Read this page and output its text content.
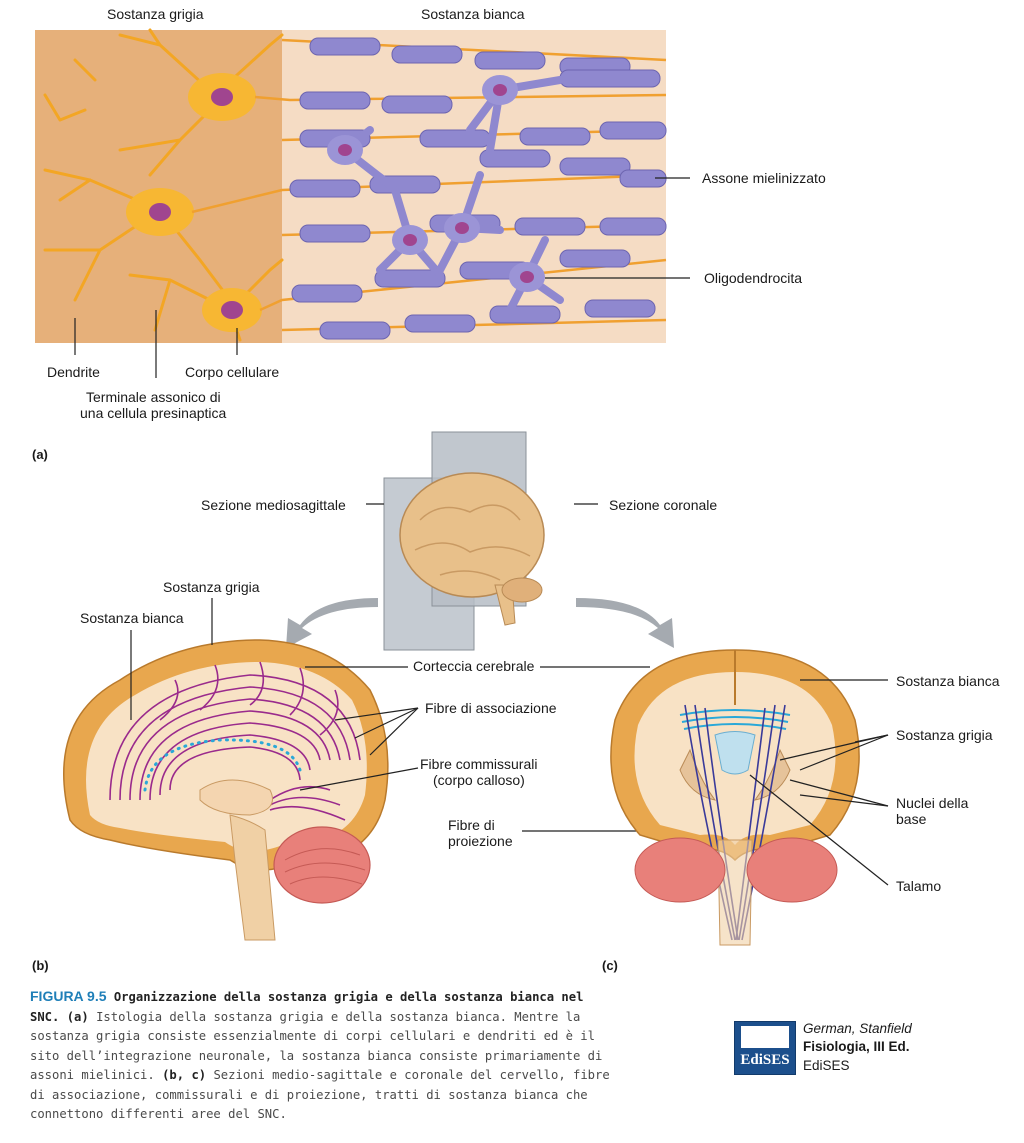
Sostanza grigia	Sostanza bianca
Assone mielinizzato
Oligodendrocita
Dendrite	Corpo cellulare
Terminale assonico di
una cellula presinaptica
(a)
Sezione mediosagittale	Sezione coronale
Sostanza grigia
Sostanza bianca
Corteccia cerebrale
Fibre di associazione
Fibre commissurali
(corpo calloso)
Fibre di
proiezione
(b)
Sostanza bianca
Sostanza grigia
Nuclei della
base
Talamo
(c)
FIGURA 9.5 Organizzazione della sostanza grigia e della sostanza bianca nel SNC. (a) Istologia della sostanza grigia e della sostanza bianca. Mentre la sostanza grigia consiste essenzialmente di corpi cellulari e dendriti ed è il sito dell’integrazione neuronale, la sostanza bianca consiste primariamente di assoni mielinici. (b, c) Sezioni medio-sagittale e coronale del cervello, fibre di associazione, commissurali e di proiezione, tratti di sostanza bianca che connettono differenti aree del SNC.
EdiSES
German, Stanfield
Fisiologia, III Ed.
EdiSES
